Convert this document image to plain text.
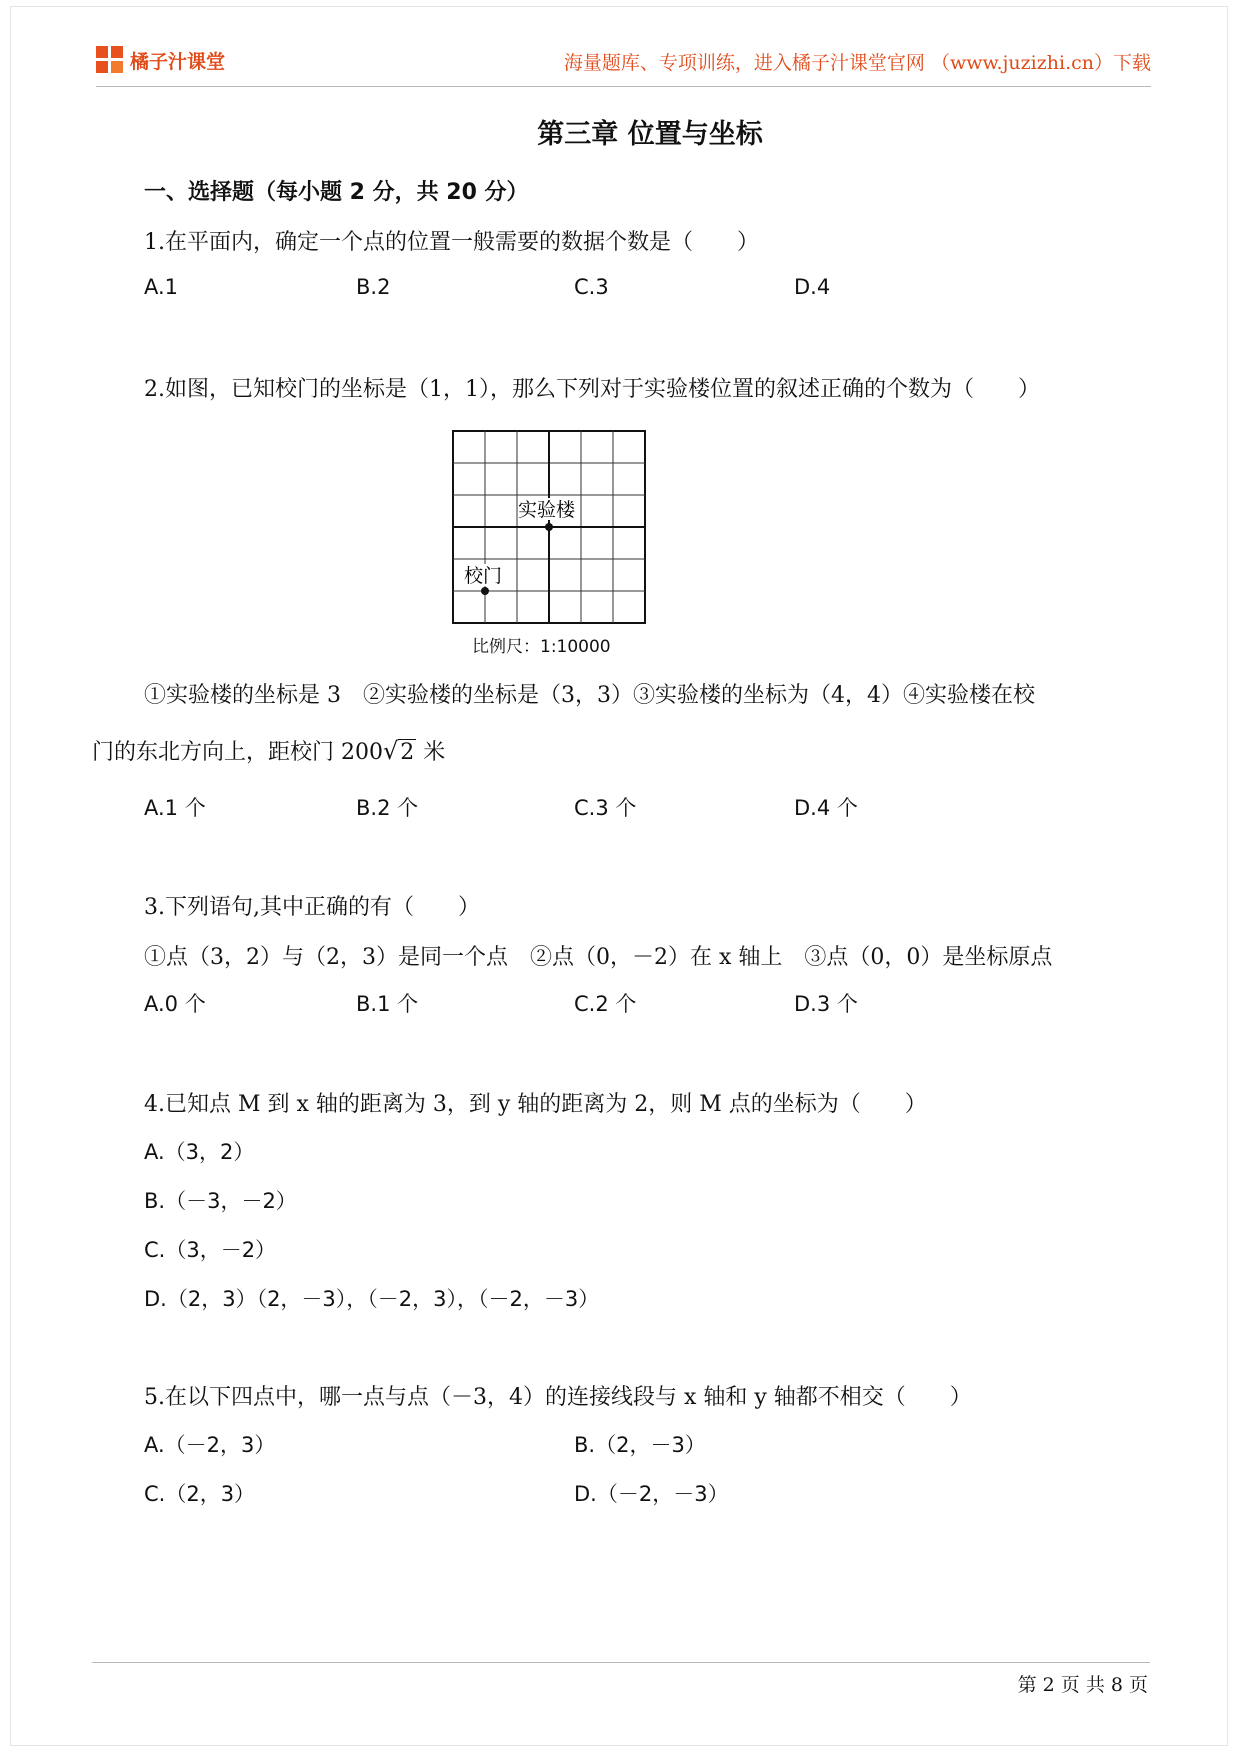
橘子汁课堂	海量题库、专项训练，进入橘子汁课堂官网 （www.juzizhi.cn）下载
第三章 位置与坐标
一、选择题（每小题 2 分，共 20 分）
1.在平面内，确定一个点的位置一般需要的数据个数是（　　）
A.1	B.2	C.3	D.4
2.如图，已知校门的坐标是（1，1），那么下列对于实验楼位置的叙述正确的个数为（　　）
实验楼
校门
比例尺：1:10000
①实验楼的坐标是 3　②实验楼的坐标是（3，3）③实验楼的坐标为（4，4）④实验楼在校
门的东北方向上，距校门 200√2 米
A.1 个	B.2 个	C.3 个	D.4 个
3.下列语句,其中正确的有（　　）
①点（3，2）与（2，3）是同一个点　②点（0，－2）在 x 轴上　③点（0，0）是坐标原点
A.0 个	B.1 个	C.2 个	D.3 个
4.已知点 M 到 x 轴的距离为 3，到 y 轴的距离为 2，则 M 点的坐标为（　　）
A.（3，2）
B.（－3，－2）
C.（3，－2）
D.（2，3）（2，－3），（－2，3），（－2，－3）
5.在以下四点中，哪一点与点（－3，4）的连接线段与 x 轴和 y 轴都不相交（　　）
A.（－2，3）	B.（2，－3）
C.（2，3）	D.（－2，－3）
第 2 页 共 8 页
